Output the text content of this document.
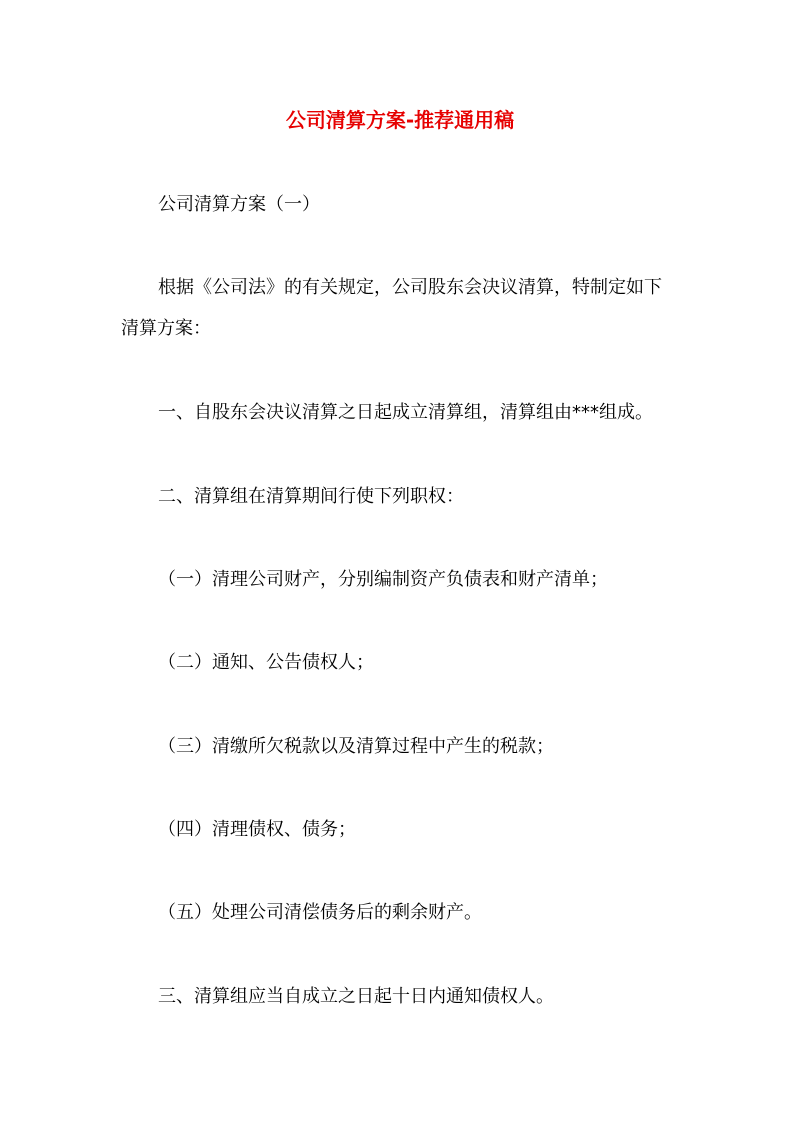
公司清算方案-推荐通用稿
公司清算方案（一）
根据《公司法》的有关规定，公司股东会决议清算，特制定如下
清算方案：
一、自股东会决议清算之日起成立清算组，清算组由***组成。
二、清算组在清算期间行使下列职权：
（一）清理公司财产，分别编制资产负债表和财产清单；
（二）通知、公告债权人；
（三）清缴所欠税款以及清算过程中产生的税款；
（四）清理债权、债务；
（五）处理公司清偿债务后的剩余财产。
三、清算组应当自成立之日起十日内通知债权人。
